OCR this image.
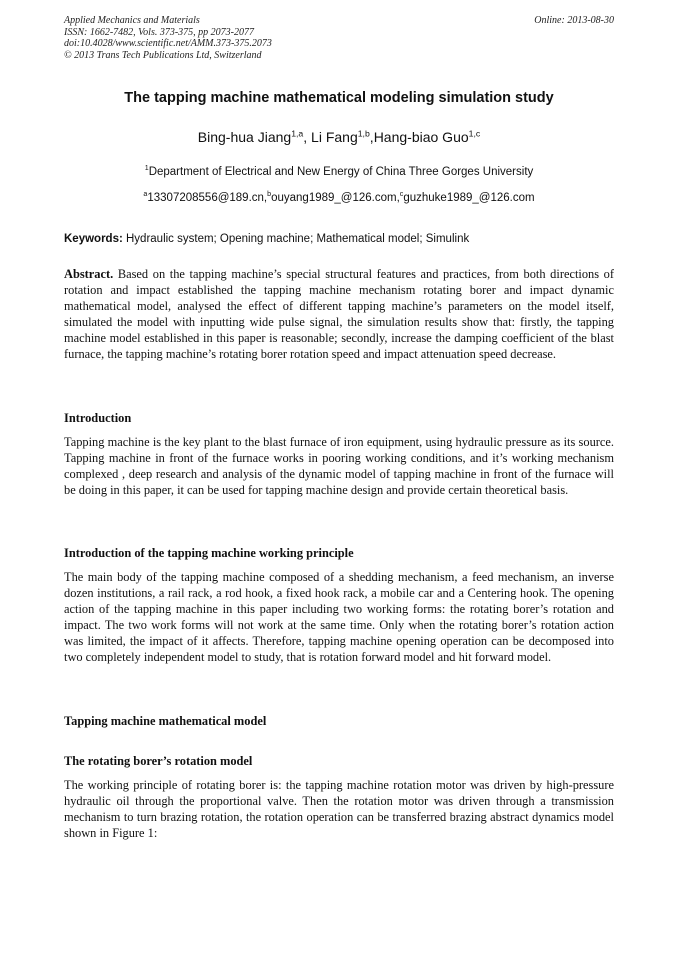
Applied Mechanics and Materials
ISSN: 1662-7482, Vols. 373-375, pp 2073-2077
doi:10.4028/www.scientific.net/AMM.373-375.2073
© 2013 Trans Tech Publications Ltd, Switzerland
Online: 2013-08-30
The tapping machine mathematical modeling simulation study
Bing-hua Jiang$^{1,a}$, Li Fang$^{1,b}$,Hang-biao Guo$^{1,c}$
$^1$Department of Electrical and New Energy of China Three Gorges University
$^a$13307208556@189.cn,$^b$ouyang1989_@126.com,$^c$guzhuke1989_@126.com
Keywords: Hydraulic system; Opening machine; Mathematical model; Simulink
Abstract. Based on the tapping machine’s special structural features and practices, from both directions of rotation and impact established the tapping machine mechanism rotating borer and impact dynamic mathematical model, analysed the effect of different tapping machine’s parameters on the model itself, simulated the model with inputting wide pulse signal, the simulation results show that: firstly, the tapping machine model established in this paper is reasonable; secondly, increase the damping coefficient of the blast furnace, the tapping machine’s rotating borer rotation speed and impact attenuation speed decrease.
Introduction
Tapping machine is the key plant to the blast furnace of iron equipment, using hydraulic pressure as its source. Tapping machine in front of the furnace works in pooring working conditions, and it’s working mechanism complexed , deep research and analysis of the dynamic model of tapping machine in front of the furnace will be doing in this paper, it can be used for tapping machine design and provide certain theoretical basis.
Introduction of the tapping machine working principle
The main body of the tapping machine composed of a shedding mechanism, a feed mechanism, an inverse dozen institutions, a rail rack, a rod hook, a fixed hook rack, a mobile car and a Centering hook. The opening action of the tapping machine in this paper including two working forms: the rotating borer’s rotation and impact. The two work forms will not work at the same time. Only when the rotating borer’s rotation action was limited, the impact of it affects. Therefore, tapping machine opening operation can be decomposed into two completely independent model to study, that is rotation forward model and hit forward model.
Tapping machine mathematical model
The rotating borer’s rotation model
The working principle of rotating borer is: the tapping machine rotation motor was driven by high-pressure hydraulic oil through the proportional valve. Then the rotation motor was driven through a transmission mechanism to turn brazing rotation, the rotation operation can be transferred brazing abstract dynamics model shown in Figure 1:
